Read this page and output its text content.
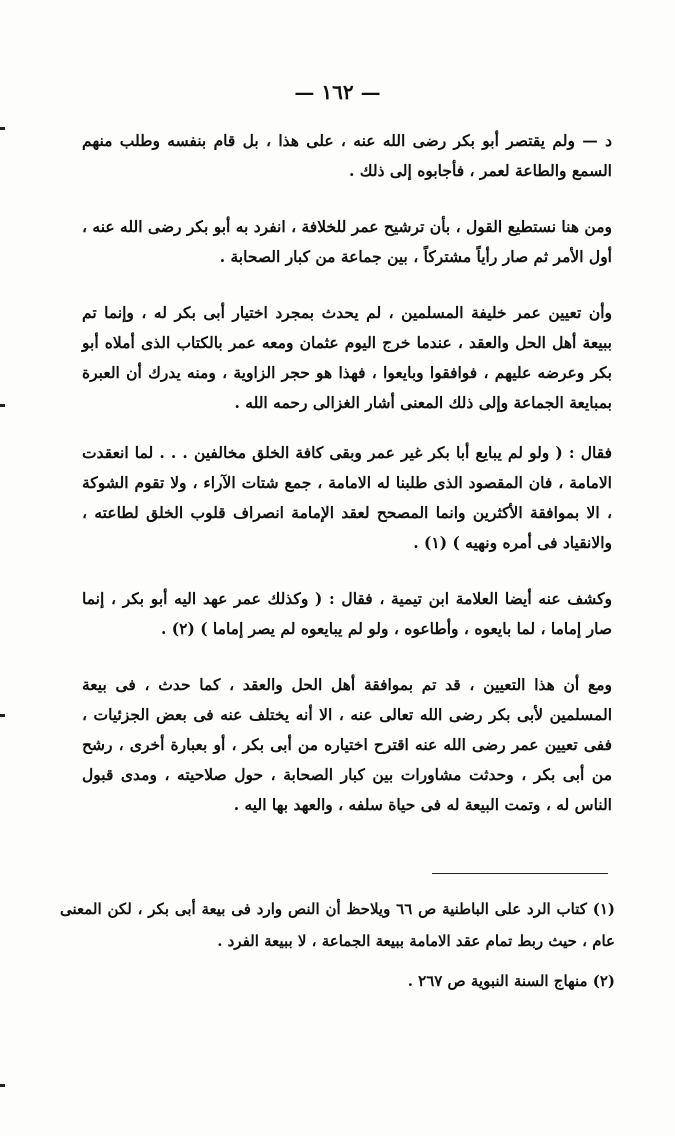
— ١٦٢ —

د — ولم يقتصر أبو بكر رضى الله عنه ، على هذا ، بل قام بنفسه وطلب منهم السمع والطاعة لعمر ، فأجابوه إلى ذلك .

ومن هنا نستطيع القول ، بأن ترشيح عمر للخلافة ، انفرد به أبو بكر رضى الله عنه ، أول الأمر ثم صار رأياً مشتركاً ، بين جماعة من كبار الصحابة .

وأن تعيين عمر خليفة المسلمين ، لم يحدث بمجرد اختيار أبى بكر له ، وإنما تم ببيعة أهل الحل والعقد ، عندما خرج اليوم عثمان ومعه عمر بالكتاب الذى أملاه أبو بكر وعرضه عليهم ، فوافقوا وبايعوا ، فهذا هو حجر الزاوية ، ومنه يدرك أن العبرة بمبايعة الجماعة وإلى ذلك المعنى أشار الغزالى رحمه الله .

فقال : ( ولو لم يبايع أبا بكر غير عمر وبقى كافة الخلق مخالفين . . . لما انعقدت الامامة ، فان المقصود الذى طلبنا له الامامة ، جمع شتات الآراء ، ولا تقوم الشوكة ، الا بموافقة الأكثرين وانما المصحح لعقد الإمامة انصراف قلوب الخلق لطاعته ، والانقياد فى أمره ونهيه ) (١) .

وكشف عنه أيضا العلامة ابن تيمية ، فقال : ( وكذلك عمر عهد اليه أبو بكر ، إنما صار إماما ، لما بايعوه ، وأطاعوه ، ولو لم يبايعوه لم يصر إماما ) (٢) .

ومع أن هذا التعيين ، قد تم بموافقة أهل الحل والعقد ، كما حدث ، فى بيعة المسلمين لأبى بكر رضى الله تعالى عنه ، الا أنه يختلف عنه فى بعض الجزئيات ، ففى تعيين عمر رضى الله عنه اقترح اختياره من أبى بكر ، أو بعبارة أخرى ، رشح من أبى بكر ، وحدثت مشاورات بين كبار الصحابة ، حول صلاحيته ، ومدى قبول الناس له ، وتمت البيعة له فى حياة سلفه ، والعهد بها اليه .

(١) كتاب الرد على الباطنية ص ٦٦ ويلاحظ أن النص وارد فى بيعة أبى بكر ، لكن المعنى عام ، حيث ربط تمام عقد الامامة ببيعة الجماعة ، لا ببيعة الفرد .

(٢) منهاج السنة النبوية ص ٢٦٧ .
